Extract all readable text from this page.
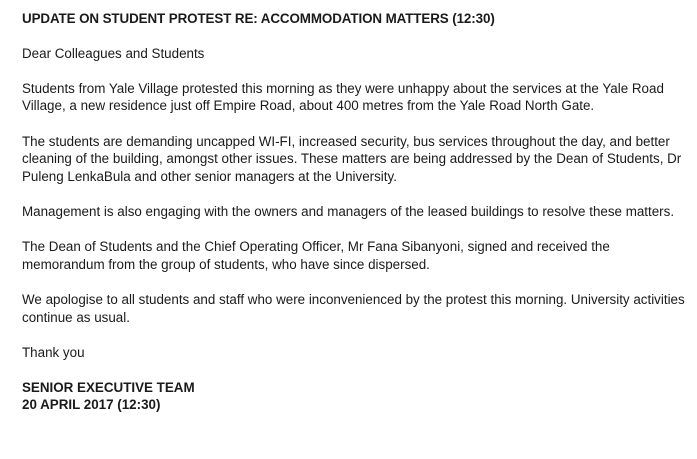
UPDATE ON STUDENT PROTEST RE: ACCOMMODATION MATTERS (12:30)

Dear Colleagues and Students

Students from Yale Village protested this morning as they were unhappy about the services at the Yale Road Village, a new residence just off Empire Road, about 400 metres from the Yale Road North Gate.

The students are demanding uncapped WI-FI, increased security, bus services throughout the day, and better cleaning of the building, amongst other issues. These matters are being addressed by the Dean of Students, Dr Puleng LenkaBula and other senior managers at the University.

Management is also engaging with the owners and managers of the leased buildings to resolve these matters.

The Dean of Students and the Chief Operating Officer, Mr Fana Sibanyoni, signed and received the memorandum from the group of students, who have since dispersed.

We apologise to all students and staff who were inconvenienced by the protest this morning. University activities continue as usual.

Thank you

SENIOR EXECUTIVE TEAM

20 APRIL 2017 (12:30)
